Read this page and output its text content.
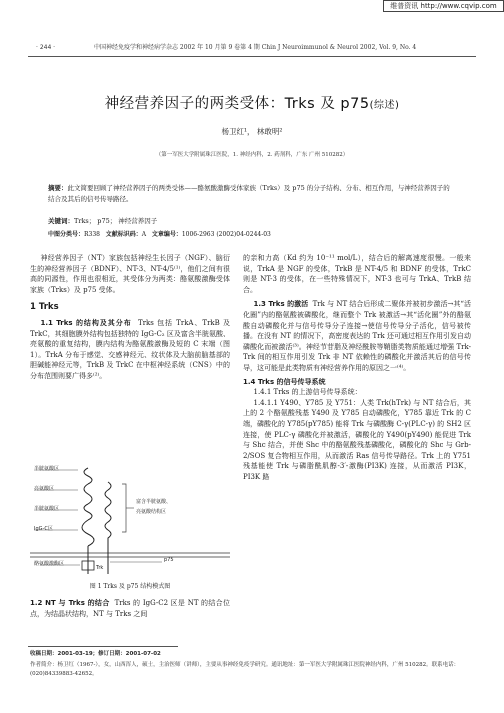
维普资讯 http://www.cqvip.com
· 244 ·	中国神经免疫学和神经病学杂志 2002 年 10 月第 9 卷第 4 期 Chin J Neuroimmunol & Neurol 2002, Vol. 9, No. 4
神经营养因子的两类受体：Trks 及 p75(综述)
杨卫红¹， 林敢明²
（第一军医大学附属珠江医院，1. 神经内科，2. 药剂科，广东 广州 510282）
摘要：此文简要回顾了神经营养因子的两类受体——酪氨酸激酶受体家族（Trks）及 p75 的分子结构、分布、相互作用，与神经营养因子的结合及其后的信号传导路径。
关键词：Trks； p75； 神经营养因子
中图分类号：R338 文献标识码：A 文章编号：1006-2963 (2002)04-0244-03

神经营养因子（NT）家族包括神经生长因子（NGF）、脑衍生的神经营养因子（BDNF）、NT-3、NT-4/5⁽¹⁾，他们之间有很高的同源性，作用也很相近，其受体分为两类：酪氨酸激酶受体家族（Trks）及 p75 受体。

1 Trks

1.1 Trks 的结构及其分布 Trks 包括 TrkA、TrkB 及 TrkC，其细胞膜外结构包括独特的 IgG-C₂ 区及富含半胱氨酸、亮氨酸的重复结构，膜内结构为酪氨酸激酶及短的 C 末端（图 1）。TrkA 分布于感觉、交感神经元、纹状体及大脑前脑基部的胆碱能神经元等，TrkB 及 TrkC 在中枢神经系统（CNS）中的分布范围则要广得多⁽²⁾。

半胱氨酸区
亮氨酸区
半胱氨酸区
IgG-C区
酪氨酸激酶区
富含半胱氨酸、
亮氨酸结构区
p75
Trk
图 1 Trks 及 p75 结构模式图

1.2 NT 与 Trks 的结合 Trks 的 IgG-C2 区是 NT 的结合位点，为结晶状结构，NT 与 Trks 之间

的亲和力高（Kd 约为 10⁻¹¹ mol/L），结合后的解离速度很慢。一般来说，TrkA 是 NGF 的受体，TrkB 是 NT-4/5 和 BDNF 的受体，TrkC 则是 NT-3 的受体，在一些特殊情况下，NT-3 也可与 TrkA、TrkB 结合。

1.3 Trks 的激活 Trk 与 NT 结合后形成二聚体并被初步激活→其“活化圈”内的酪氨酸被磷酸化，继而整个 Trk 被激活→其“活化圈”外的酪氨酸自动磷酸化并与信号传导分子连接→使信号传导分子活化，信号被传播。在没有 NT 的情况下，高密度表达的 Trk 还可通过相互作用引发自动磷酸化而被激活⁽³⁾。神经节苷脂及神经酰胺等鞘脂类物质能通过增强 Trk-Trk 间的相互作用引发 Trk 非 NT 依赖性的磷酸化并激活其后的信号传导，这可能是此类物质有神经营养作用的原因之一⁽⁴⁾。

1.4 Trks 的信号传导系统

1.4.1 Trks 的上游信号传导系统：

1.4.1.1 Y490、Y785 及 Y751：人类 Trk(hTrk) 与 NT 结合后，其上的 2 个酪氨酸残基 Y490 及 Y785 自动磷酸化，Y785 靠近 Trk 的 C 端，磷酸化的 Y785(pY785) 能将 Trk 与磷酸酶 C-γ(PLC-γ) 的 SH2 区连接，使 PLC-γ 磷酸化并被激活，磷酸化的 Y490(pY490) 能促进 Trk 与 Shc 结合，并使 Shc 中的酪氨酸残基磷酸化，磷酸化的 Shc 与 Grb-2/SOS 复合物相互作用，从而激活 Ras 信号传导路径。Trk 上的 Y751 残基能使 Trk 与磷脂酰肌醇-3′-激酶(PI3K) 连接，从而激活 PI3K，PI3K 路

收稿日期：2001-03-19；修订日期：2001-07-02
作者简介：杨卫红（1967-），女，山西浑人，硕士，主治医师（讲师），主要从事神经免疫学研究。通讯地址：第一军医大学附属珠江医院神经内科，广州 510282。联系电话：(020)84339883-42652。
